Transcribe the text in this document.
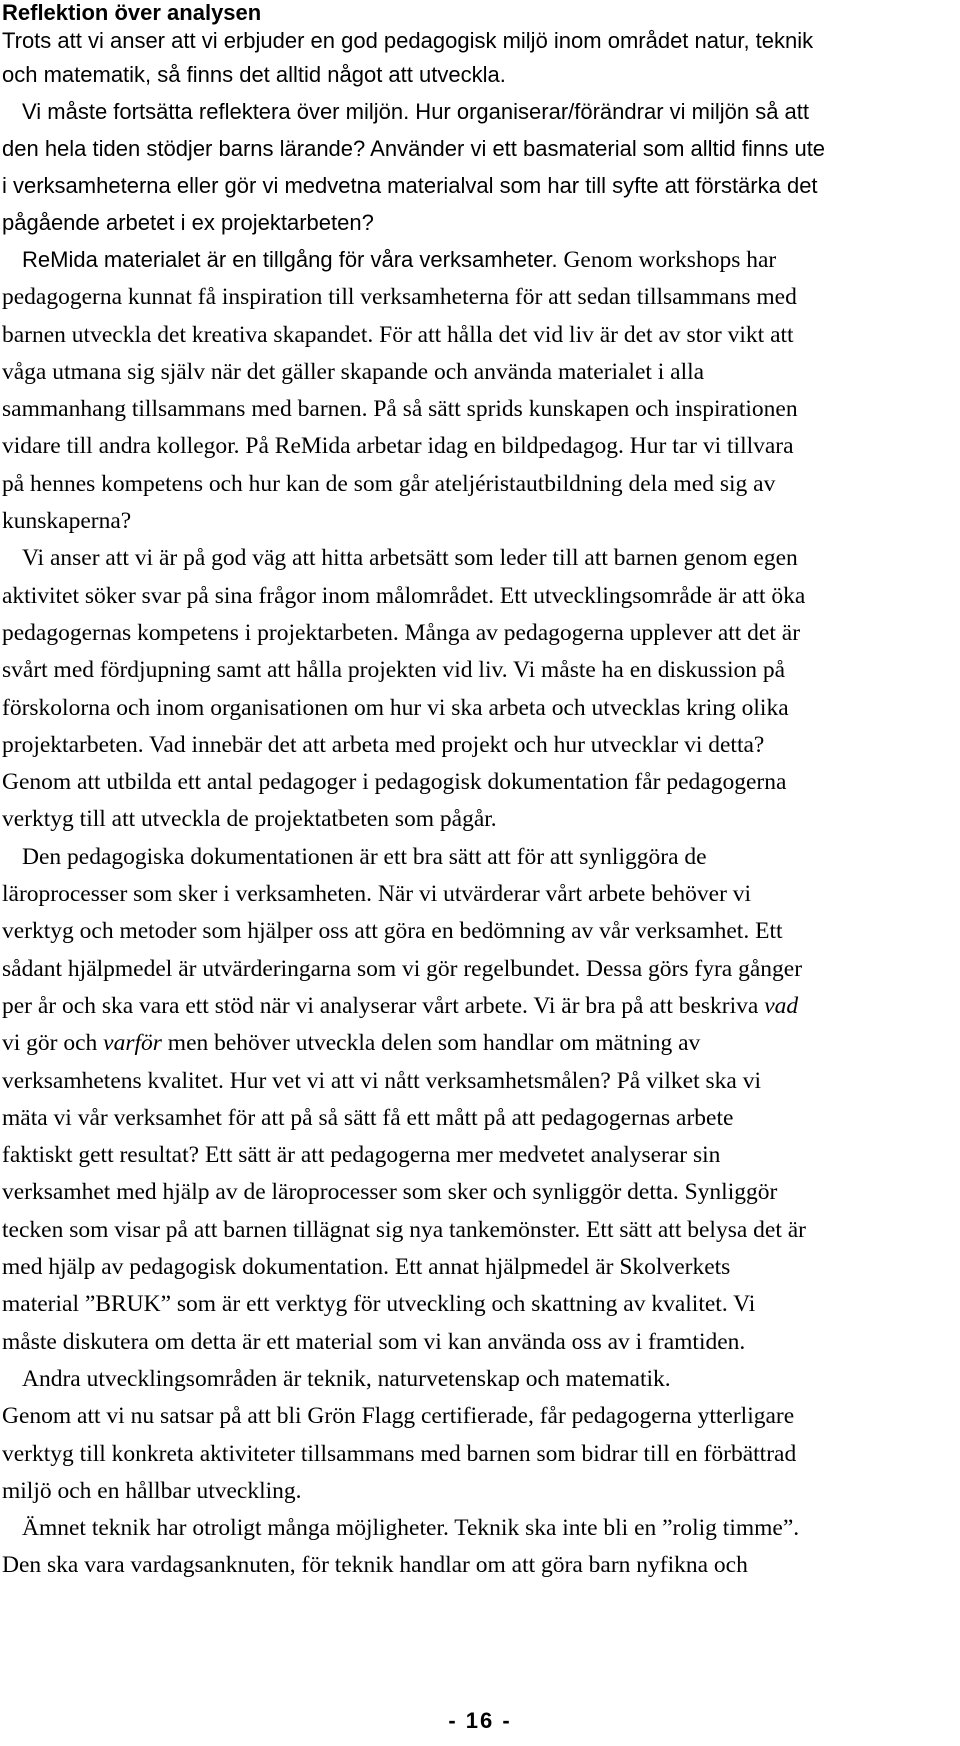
Reflektion över analysen

Trots att vi anser att vi erbjuder en god pedagogisk miljö inom området natur, teknik
och matematik, så finns det alltid något att utveckla.
Vi måste fortsätta reflektera över miljön. Hur organiserar/förändrar vi miljön så att
den hela tiden stödjer barns lärande? Använder vi ett basmaterial som alltid finns ute
i verksamheterna eller gör vi medvetna materialval som har till syfte att förstärka det
pågående arbetet i ex projektarbeten?
ReMida materialet är en tillgång för våra verksamheter. Genom workshops har
pedagogerna kunnat få inspiration till verksamheterna för att sedan tillsammans med
barnen utveckla det kreativa skapandet. För att hålla det vid liv är det av stor vikt att
våga utmana sig själv när det gäller skapande och använda materialet i alla
sammanhang tillsammans med barnen. På så sätt sprids kunskapen och inspirationen
vidare till andra kollegor. På ReMida arbetar idag en bildpedagog. Hur tar vi tillvara
på hennes kompetens och hur kan de som går ateljéristautbildning dela med sig av
kunskaperna?
Vi anser att vi är på god väg att hitta arbetsätt som leder till att barnen genom egen
aktivitet söker svar på sina frågor inom målområdet. Ett utvecklingsområde är att öka
pedagogernas kompetens i projektarbeten. Många av pedagogerna upplever att det är
svårt med fördjupning samt att hålla projekten vid liv. Vi måste ha en diskussion på
förskolorna och inom organisationen om hur vi ska arbeta och utvecklas kring olika
projektarbeten. Vad innebär det att arbeta med projekt och hur utvecklar vi detta?
Genom att utbilda ett antal pedagoger i pedagogisk dokumentation får pedagogerna
verktyg till att utveckla de projektatbeten som pågår.
Den pedagogiska dokumentationen är ett bra sätt att för att synliggöra de
läroprocesser som sker i verksamheten. När vi utvärderar vårt arbete behöver vi
verktyg och metoder som hjälper oss att göra en bedömning av vår verksamhet. Ett
sådant hjälpmedel är utvärderingarna som vi gör regelbundet. Dessa görs fyra gånger
per år och ska vara ett stöd när vi analyserar vårt arbete. Vi är bra på att beskriva vad
vi gör och varför men behöver utveckla delen som handlar om mätning av
verksamhetens kvalitet. Hur vet vi att vi nått verksamhetsmålen? På vilket ska vi
mäta vi vår verksamhet för att på så sätt få ett mått på att pedagogernas arbete
faktiskt gett resultat? Ett sätt är att pedagogerna mer medvetet analyserar sin
verksamhet med hjälp av de läroprocesser som sker och synliggör detta. Synliggör
tecken som visar på att barnen tillägnat sig nya tankemönster. Ett sätt att belysa det är
med hjälp av pedagogisk dokumentation. Ett annat hjälpmedel är Skolverkets
material ”BRUK” som är ett verktyg för utveckling och skattning av kvalitet. Vi
måste diskutera om detta är ett material som vi kan använda oss av i framtiden.
Andra utvecklingsområden är teknik, naturvetenskap och matematik.
Genom att vi nu satsar på att bli Grön Flagg certifierade, får pedagogerna ytterligare
verktyg till konkreta aktiviteter tillsammans med barnen som bidrar till en förbättrad
miljö och en hållbar utveckling.
Ämnet teknik har otroligt många möjligheter. Teknik ska inte bli en ”rolig timme”.
Den ska vara vardagsanknuten, för teknik handlar om att göra barn nyfikna och
- 16 -
